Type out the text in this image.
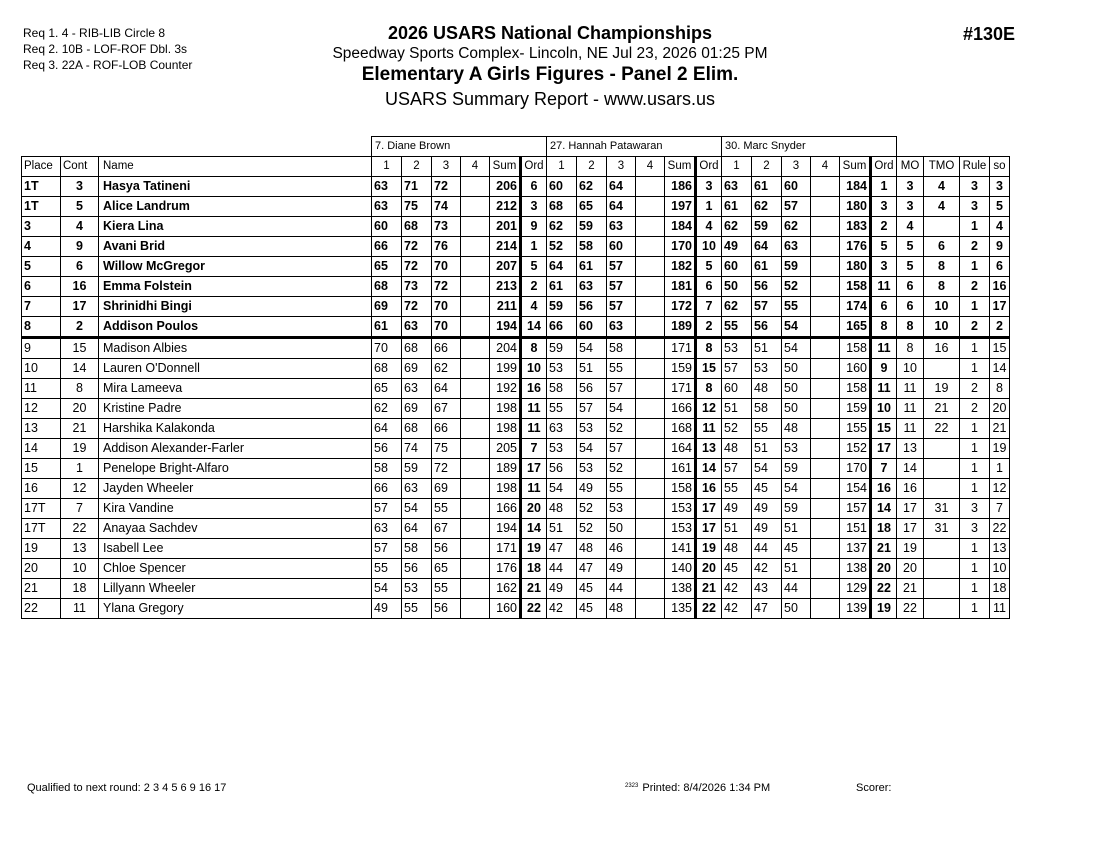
Req 1. 4 - RIB-LIB Circle 8
Req 2. 10B - LOF-ROF Dbl. 3s
Req 3. 22A - ROF-LOB Counter
2026 USARS National Championships
Speedway Sports Complex- Lincoln, NE Jul 23, 2026 01:25 PM
Elementary A Girls Figures - Panel 2 Elim.
USARS Summary Report - www.usars.us
#130E
			7. Diane Brown						27. Hannah Patawaran						30. Marc Snyder									
Place	Cont	Name	1	2	3	4	Sum	Ord	1	2	3	4	Sum	Ord	1	2	3	4	Sum	Ord	MO	TMO	Rule	so
1T	3	Hasya Tatineni	63	71	72		206	6	60	62	64		186	3	63	61	60		184	1	3	4	3	3
1T	5	Alice Landrum	63	75	74		212	3	68	65	64		197	1	61	62	57		180	3	3	4	3	5
3	4	Kiera Lina	60	68	73		201	9	62	59	63		184	4	62	59	62		183	2	4		1	4
4	9	Avani Brid	66	72	76		214	1	52	58	60		170	10	49	64	63		176	5	5	6	2	9
5	6	Willow McGregor	65	72	70		207	5	64	61	57		182	5	60	61	59		180	3	5	8	1	6
6	16	Emma Folstein	68	73	72		213	2	61	63	57		181	6	50	56	52		158	11	6	8	2	16
7	17	Shrinidhi Bingi	69	72	70		211	4	59	56	57		172	7	62	57	55		174	6	6	10	1	17
8	2	Addison Poulos	61	63	70		194	14	66	60	63		189	2	55	56	54		165	8	8	10	2	2
9	15	Madison Albies	70	68	66		204	8	59	54	58		171	8	53	51	54		158	11	8	16	1	15
10	14	Lauren O'Donnell	68	69	62		199	10	53	51	55		159	15	57	53	50		160	9	10		1	14
11	8	Mira Lameeva	65	63	64		192	16	58	56	57		171	8	60	48	50		158	11	11	19	2	8
12	20	Kristine Padre	62	69	67		198	11	55	57	54		166	12	51	58	50		159	10	11	21	2	20
13	21	Harshika Kalakonda	64	68	66		198	11	63	53	52		168	11	52	55	48		155	15	11	22	1	21
14	19	Addison Alexander-Farler	56	74	75		205	7	53	54	57		164	13	48	51	53		152	17	13		1	19
15	1	Penelope Bright-Alfaro	58	59	72		189	17	56	53	52		161	14	57	54	59		170	7	14		1	1
16	12	Jayden Wheeler	66	63	69		198	11	54	49	55		158	16	55	45	54		154	16	16		1	12
17T	7	Kira Vandine	57	54	55		166	20	48	52	53		153	17	49	49	59		157	14	17	31	3	7
17T	22	Anayaa Sachdev	63	64	67		194	14	51	52	50		153	17	51	49	51		151	18	17	31	3	22
19	13	Isabell Lee	57	58	56		171	19	47	48	46		141	19	48	44	45		137	21	19		1	13
20	10	Chloe Spencer	55	56	65		176	18	44	47	49		140	20	45	42	51		138	20	20		1	10
21	18	Lillyann Wheeler	54	53	55		162	21	49	45	44		138	21	42	43	44		129	22	21		1	18
22	11	Ylana Gregory	49	55	56		160	22	42	45	48		135	22	42	47	50		139	19	22		1	11
Qualified to next round: 2 3 4 5 6 9 16 17	$^{2323}$ Printed: 8/4/2026 1:34 PM	Scorer:
